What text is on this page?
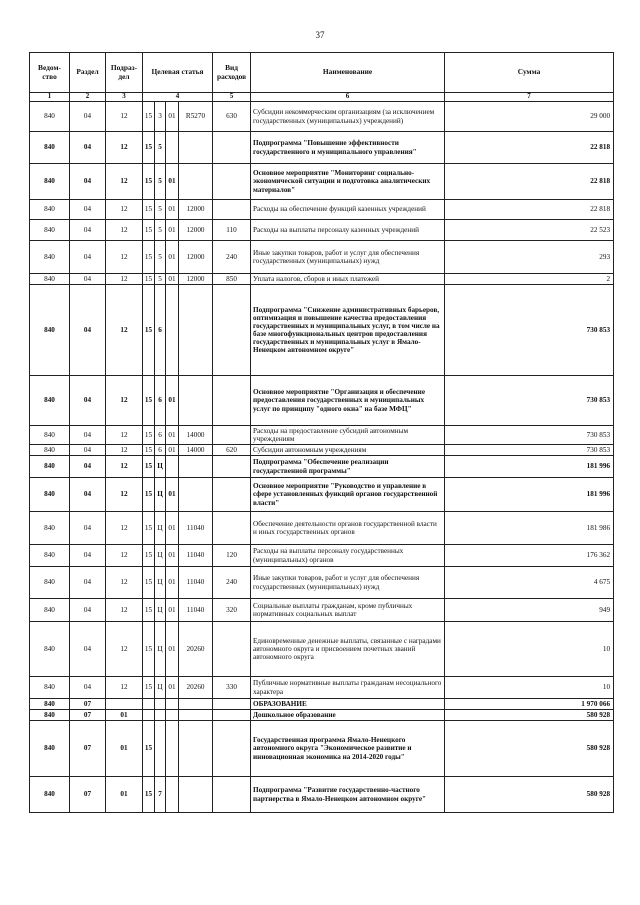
37
Ведом-ство	Раздел	Подраз-дел	Целевая статья				Вид расходов	Наименование	Сумма
1	2	3	4				5	6	7
840	04	12	15	3	01	R5270	630	Субсидии некоммерческим организациям (за исключением государственных (муниципальных) учреждений)	29 000
840	04	12	15	5				Подпрограмма "Повышение эффективности государственного и муниципального управления"	22 818
840	04	12	15	5	01			Основное мероприятие "Мониторинг социально-экономической ситуации и подготовка аналитических материалов"	22 818
840	04	12	15	5	01	12000		Расходы на обеспечение функций казенных учреждений	22 818
840	04	12	15	5	01	12000	110	Расходы на выплаты персоналу казенных учреждений	22 523
840	04	12	15	5	01	12000	240	Иные закупки товаров, работ и услуг для обеспечения государственных (муниципальных) нужд	293
840	04	12	15	5	01	12000	850	Уплата налогов, сборов и иных платежей	2
840	04	12	15	6				Подпрограмма "Снижение административных барьеров, оптимизация и повышение качества предоставления государственных и муниципальных услуг, в том числе на базе многофункциональных центров предоставления государственных и муниципальных услуг в Ямало-Ненецком автономном округе"	730 853
840	04	12	15	6	01			Основное мероприятие "Организация и обеспечение предоставления государственных и муниципальных услуг по принципу "одного окна" на базе МФЦ"	730 853
840	04	12	15	6	01	14000		Расходы на предоставление субсидий автономным учреждениям	730 853
840	04	12	15	6	01	14000	620	Субсидии автономным учреждениям	730 853
840	04	12	15	Ц				Подпрограмма "Обеспечение реализации государственной программы"	181 996
840	04	12	15	Ц	01			Основное мероприятие "Руководство и управление в сфере установленных функций органов государственной власти"	181 996
840	04	12	15	Ц	01	11040		Обеспечение деятельности органов государственной власти и иных государственных органов	181 986
840	04	12	15	Ц	01	11040	120	Расходы на выплаты персоналу государственных (муниципальных) органов	176 362
840	04	12	15	Ц	01	11040	240	Иные закупки товаров, работ и услуг для обеспечения государственных (муниципальных) нужд	4 675
840	04	12	15	Ц	01	11040	320	Социальные выплаты гражданам, кроме публичных нормативных социальных выплат	949
840	04	12	15	Ц	01	20260		Единовременные денежные выплаты, связанные с наградами автономного округа и присвоением почетных званий автономного округа	10
840	04	12	15	Ц	01	20260	330	Публичные нормативные выплаты гражданам несоциального характера	10
840	07							ОБРАЗОВАНИЕ	1 970 066
840	07	01						Дошкольное образование	580 928
840	07	01	15					Государственная программа Ямало-Ненецкого автономного округа "Экономическое развитие и инновационная экономика на 2014-2020 годы"	580 928
840	07	01	15	7				Подпрограмма "Развитие государственно-частного партнерства в Ямало-Ненецком автономном округе"	580 928
